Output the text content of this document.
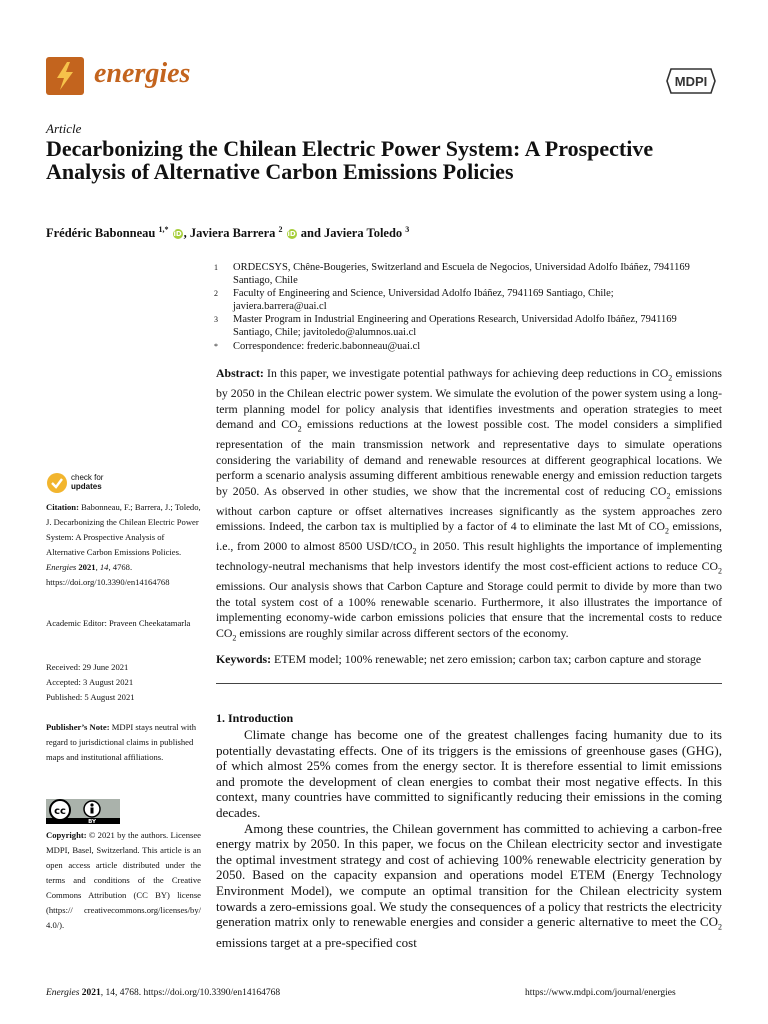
energies	MDPI
Article
Decarbonizing the Chilean Electric Power System: A Prospective Analysis of Alternative Carbon Emissions Policies
Frédéric Babonneau $^{1,*}$ iD , Javiera Barrera $^2$ iD and Javiera Toledo $^3$
1 ORDECSYS, Chêne-Bougeries, Switzerland and Escuela de Negocios, Universidad Adolfo Ibáñez, 7941169 Santiago, Chile
2 Faculty of Engineering and Science, Universidad Adolfo Ibáñez, 7941169 Santiago, Chile; javiera.barrera@uai.cl
3 Master Program in Industrial Engineering and Operations Research, Universidad Adolfo Ibáñez, 7941169 Santiago, Chile; javitoledo@alumnos.uai.cl
* Correspondence: frederic.babonneau@uai.cl

Abstract: In this paper, we investigate potential pathways for achieving deep reductions in $CO_2$ emissions by 2050 in the Chilean electric power system. We simulate the evolution of the power system using a long-term planning model for policy analysis that identifies investments and operation strategies to meet demand and $CO_2$ emissions reductions at the lowest possible cost. The model considers a simplified representation of the main transmission network and representative days to simulate operations considering the variability of demand and renewable resources at different geographical locations. We perform a scenario analysis assuming different ambitious renewable energy and emission reduction targets by 2050. As observed in other studies, we show that the incremental cost of reducing $CO_2$ emissions without carbon capture or offset alternatives increases significantly as the system approaches zero emissions. Indeed, the carbon tax is multiplied by a factor of 4 to eliminate the last Mt of $CO_2$ emissions, i.e., from 2000 to almost 8500 USD/tCO$_2$ in 2050. This result highlights the importance of implementing technology-neutral mechanisms that help investors identify the most cost-efficient actions to reduce $CO_2$ emissions. Our analysis shows that Carbon Capture and Storage could permit to divide by more than two the total system cost of a 100% renewable scenario. Furthermore, it also illustrates the importance of implementing economy-wide carbon emissions policies that ensure that the incremental costs to reduce $CO_2$ emissions are roughly similar across different sectors of the economy.

Keywords: ETEM model; 100% renewable; net zero emission; carbon tax; carbon capture and storage
1. Introduction

Climate change has become one of the greatest challenges facing humanity due to its potentially devastating effects. One of its triggers is the emissions of greenhouse gases (GHG), of which almost 25% comes from the energy sector. It is therefore essential to limit emissions and promote the development of clean energies to combat their most negative effects. In this context, many countries have committed to significantly reducing their emissions in the coming decades.

Among these countries, the Chilean government has committed to achieving a carbon-free energy matrix by 2050. In this paper, we focus on the Chilean electricity sector and investigate the optimal investment strategy and cost of achieving 100% renewable electricity generation by 2050. Based on the capacity expansion and operations model ETEM (Energy Technology Environment Model), we compute an optimal transition for the Chilean electricity system towards a zero-emissions goal. We study the consequences of a policy that restricts the electricity generation matrix only to renewable energies and consider a generic alternative to meet the $CO_2$ emissions target at a pre-specified cost

check for
updates
Citation: Babonneau, F.; Barrera, J.; Toledo, J. Decarbonizing the Chilean Electric Power System: A Prospective Analysis of Alternative Carbon Emissions Policies. Energies 2021, 14, 4768. https://doi.org/10.3390/en14164768
Academic Editor: Praveen Cheekatamarla
Received: 29 June 2021
Accepted: 3 August 2021
Published: 5 August 2021
Publisher’s Note: MDPI stays neutral with regard to jurisdictional claims in published maps and institutional affiliations.
cc
BY
Copyright: © 2021 by the authors. Licensee MDPI, Basel, Switzerland. This article is an open access article distributed under the terms and conditions of the Creative Commons Attribution (CC BY) license (https:// creativecommons.org/licenses/by/ 4.0/).
Energies 2021, 14, 4768. https://doi.org/10.3390/en14164768	https://www.mdpi.com/journal/energies
